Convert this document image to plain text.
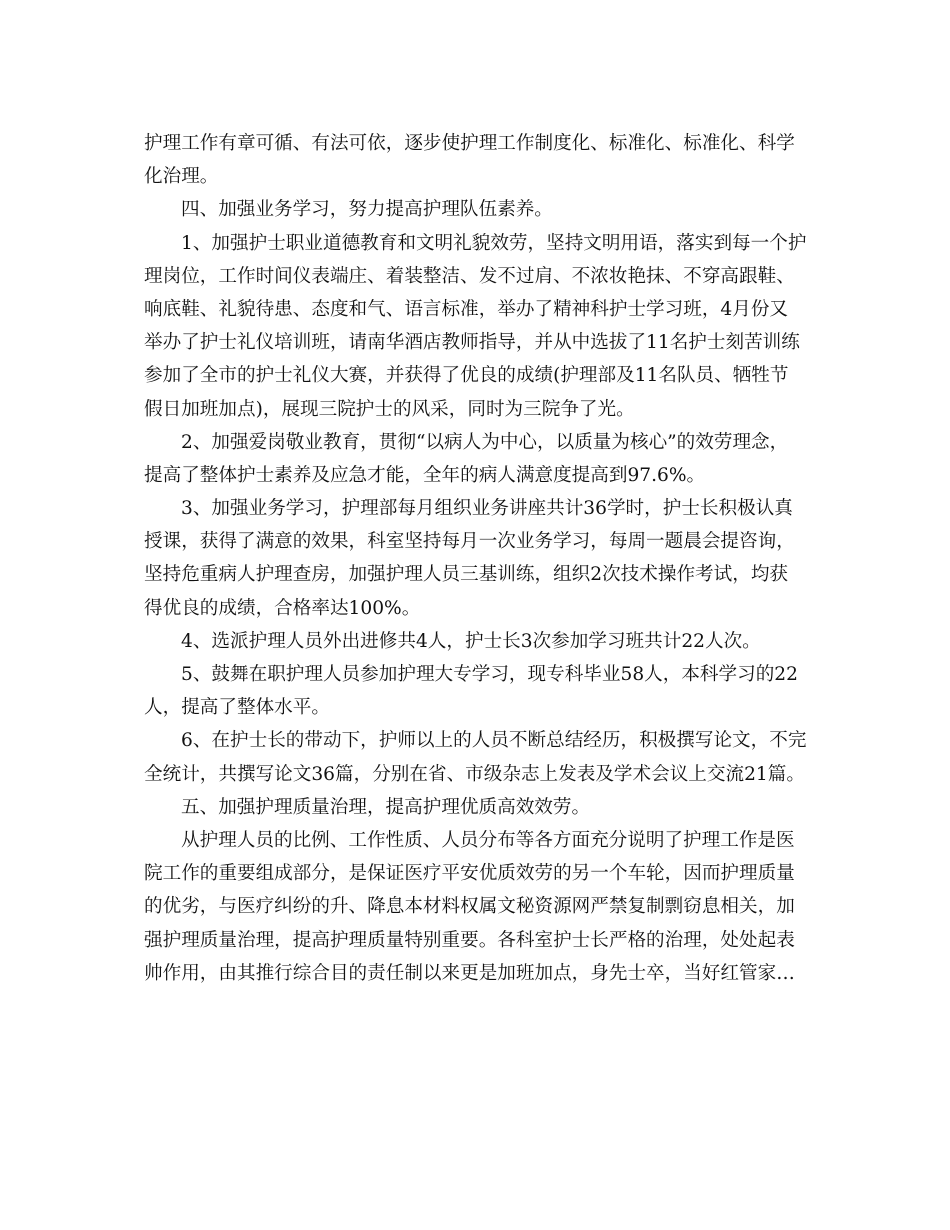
护理工作有章可循、有法可依，逐步使护理工作制度化、标准化、标准化、科学

化治理。

四、加强业务学习，努力提高护理队伍素养。

1、加强护士职业道德教育和文明礼貌效劳，坚持文明用语，落实到每一个护

理岗位，工作时间仪表端庄、着装整洁、发不过肩、不浓妆艳抹、不穿高跟鞋、

响底鞋、礼貌待患、态度和气、语言标准，举办了精神科护士学习班，4月份又

举办了护士礼仪培训班，请南华酒店教师指导，并从中选拔了11名护士刻苦训练

参加了全市的护士礼仪大赛，并获得了优良的成绩(护理部及11名队员、牺牲节

假日加班加点)，展现三院护士的风采，同时为三院争了光。

2、加强爱岗敬业教育，贯彻“以病人为中心，以质量为核心”的效劳理念，

提高了整体护士素养及应急才能，全年的病人满意度提高到97.6%。

3、加强业务学习，护理部每月组织业务讲座共计36学时，护士长积极认真

授课，获得了满意的效果，科室坚持每月一次业务学习，每周一题晨会提咨询，

坚持危重病人护理查房，加强护理人员三基训练，组织2次技术操作考试，均获

得优良的成绩，合格率达100%。

4、选派护理人员外出进修共4人，护士长3次参加学习班共计22人次。

5、鼓舞在职护理人员参加护理大专学习，现专科毕业58人，本科学习的22

人，提高了整体水平。

6、在护士长的带动下，护师以上的人员不断总结经历，积极撰写论文，不完

全统计，共撰写论文36篇，分别在省、市级杂志上发表及学术会议上交流21篇。

五、加强护理质量治理，提高护理优质高效效劳。

从护理人员的比例、工作性质、人员分布等各方面充分说明了护理工作是医

院工作的重要组成部分，是保证医疗平安优质效劳的另一个车轮，因而护理质量

的优劣，与医疗纠纷的升、降息本材料权属文秘资源网严禁复制剽窃息相关，加

强护理质量治理，提高护理质量特别重要。各科室护士长严格的治理，处处起表

帅作用，由其推行综合目的责任制以来更是加班加点，身先士卒，当好红管家…
